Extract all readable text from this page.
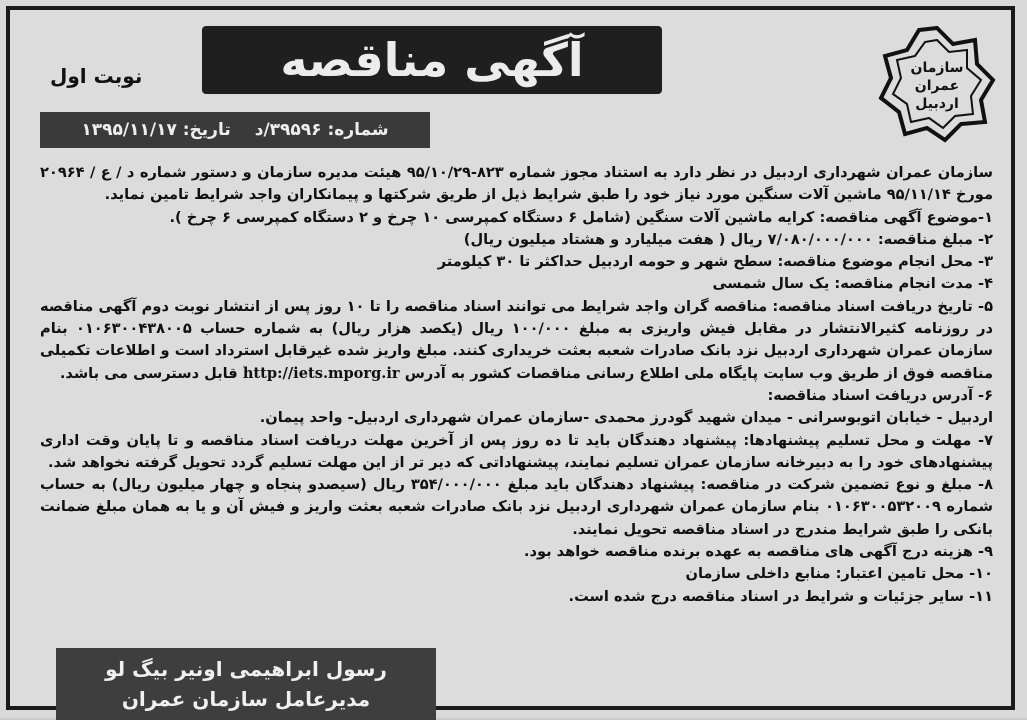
سازمان
عمران
اردبیل
آگهی مناقصه
نوبت اول
شماره: ۳۹۵۹۶/د
تاریخ: ۱۳۹۵/۱۱/۱۷

سازمان عمران شهرداری اردبیل در نظر دارد به استناد مجوز شماره ۸۲۳-۹۵/۱۰/۲۹ هیئت مدیره سازمان و دستور شماره د / ع / ۲۰۹۶۴ مورخ ۹۵/۱۱/۱۴ ماشین آلات سنگین مورد نیاز خود را طبق شرایط ذیل از طریق شرکتها و پیمانکاران واجد شرایط تامین نماید.

۱-موضوع آگهی مناقصه: کرایه ماشین آلات سنگین (شامل ۶ دستگاه کمپرسی ۱۰ چرخ و ۲ دستگاه کمپرسی ۶ چرخ ).

۲- مبلغ مناقصه: ۷/۰۸۰/۰۰۰/۰۰۰ ریال ( هفت میلیارد و هشتاد میلیون ریال)

۳- محل انجام موضوع مناقصه: سطح شهر و حومه اردبیل حداکثر تا ۳۰ کیلومتر

۴- مدت انجام مناقصه: یک سال شمسی

۵- تاریخ دریافت اسناد مناقصه: مناقصه گران واجد شرایط می توانند اسناد مناقصه را تا ۱۰ روز پس از انتشار نوبت دوم آگهی مناقصه در روزنامه کثیرالانتشار در مقابل فیش واریزی به مبلغ ۱۰۰/۰۰۰ ریال (یکصد هزار ریال) به شماره حساب ۰۱۰۶۳۰۰۴۳۸۰۰۵ بنام سازمان عمران شهرداری اردبیل نزد بانک صادرات شعبه بعثت خریداری کنند. مبلغ واریز شده غیرقابل استرداد است و اطلاعات تکمیلی مناقصه فوق از طریق وب سایت پایگاه ملی اطلاع رسانی مناقصات کشور به آدرس http://iets.mporg.ir قابل دسترسی می باشد.

۶- آدرس دریافت اسناد مناقصه:

اردبیل - خیابان اتوبوسرانی - میدان شهید گودرز محمدی -سازمان عمران شهرداری اردبیل- واحد پیمان.

۷- مهلت و محل تسلیم پیشنهادها: پیشنهاد دهندگان باید تا ده روز پس از آخرین مهلت دریافت اسناد مناقصه و تا پایان وقت اداری پیشنهادهای خود را به دبیرخانه سازمان عمران تسلیم نمایند، پیشنهاداتی که دیر تر از این مهلت تسلیم گردد تحویل گرفته نخواهد شد.

۸- مبلغ و نوع تضمین شرکت در مناقصه: پیشنهاد دهندگان باید مبلغ ۳۵۴/۰۰۰/۰۰۰ ریال (سیصدو پنجاه و چهار میلیون ریال) به حساب شماره ۰۱۰۶۳۰۰۵۳۲۰۰۹ بنام سازمان عمران شهرداری اردبیل نزد بانک صادرات شعبه بعثت واریز و فیش آن و یا به همان مبلغ ضمانت بانکی را طبق شرایط مندرج در اسناد مناقصه تحویل نمایند.

۹- هزینه درج آگهی های مناقصه به عهده برنده مناقصه خواهد بود.

۱۰- محل تامین اعتبار: منابع داخلی سازمان

۱۱- سایر جزئیات و شرایط در اسناد مناقصه درج شده است.

رسول ابراهیمی اونیر بیگ لو
مدیرعامل سازمان عمران
